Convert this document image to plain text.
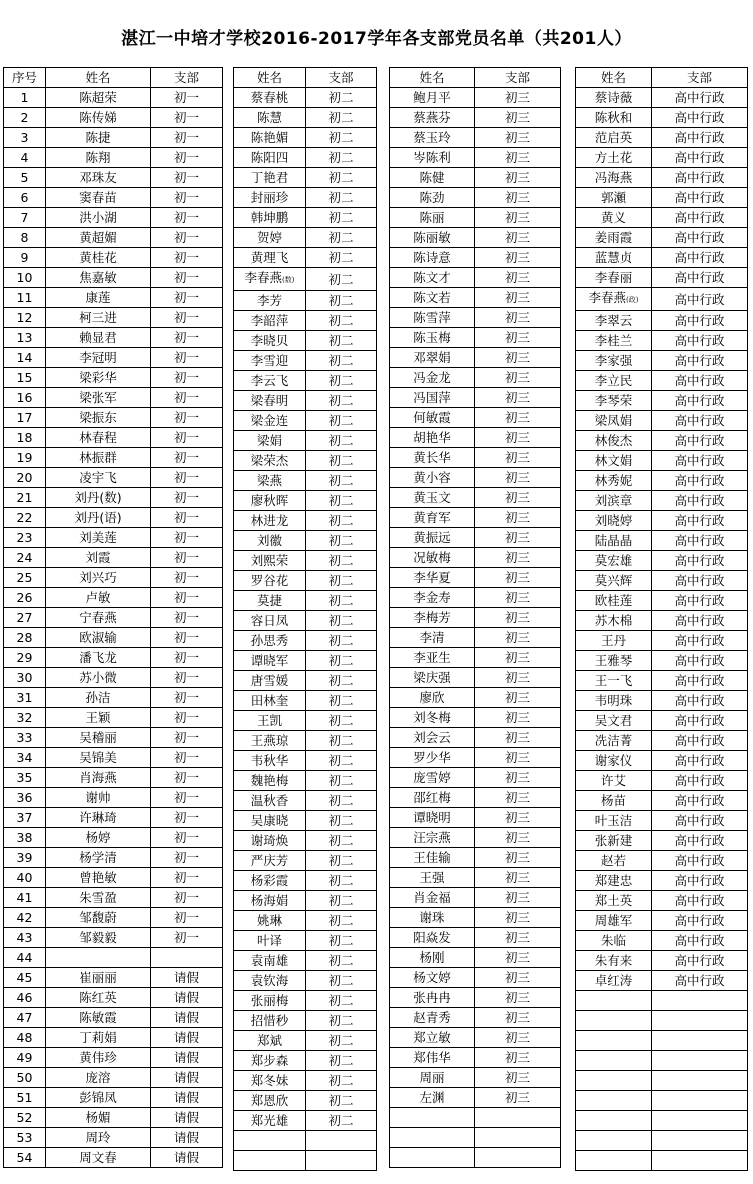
湛江一中培才学校2016-2017学年各支部党员名单（共201人）
序号	姓名	支部
1	陈超荣	初一
2	陈传娣	初一
3	陈捷	初一
4	陈翔	初一
5	邓珠友	初一
6	窦春苗	初一
7	洪小湖	初一
8	黄超媚	初一
9	黄桂花	初一
10	焦嘉敏	初一
11	康莲	初一
12	柯三进	初一
13	赖显君	初一
14	李冠明	初一
15	梁彩华	初一
16	梁张军	初一
17	梁振东	初一
18	林春程	初一
19	林振群	初一
20	凌宇飞	初一
21	刘丹(数)	初一
22	刘丹(语)	初一
23	刘美莲	初一
24	刘霞	初一
25	刘兴巧	初一
26	卢敏	初一
27	宁春燕	初一
28	欧淑输	初一
29	潘飞龙	初一
30	苏小微	初一
31	孙洁	初一
32	王颖	初一
33	吴稽丽	初一
34	吴锦美	初一
35	肖海燕	初一
36	谢帅	初一
37	许琳琦	初一
38	杨婷	初一
39	杨学清	初一
40	曾艳敏	初一
41	朱雪盈	初一
42	邹馥蔚	初一
43	邹毅毅	初一
44		
45	崔丽丽	请假
46	陈红英	请假
47	陈敏霞	请假
48	丁莉娟	请假
49	黄伟珍	请假
50	庞溶	请假
51	彭锦凤	请假
52	杨媚	请假
53	周玲	请假
54	周文春	请假
姓名	支部
蔡春桃	初二
陈慧	初二
陈艳媚	初二
陈阳四	初二
丁艳君	初二
封丽珍	初二
韩坤鹏	初二
贺婷	初二
黄理飞	初二
李春燕(数)	初二
李芳	初二
李韶萍	初二
李晓贝	初二
李雪迎	初二
李云飞	初二
梁春明	初二
梁金连	初二
梁娟	初二
梁荣杰	初二
梁燕	初二
廖秋晖	初二
林进龙	初二
刘徽	初二
刘熙荣	初二
罗谷花	初二
莫捷	初二
容日凤	初二
孙思秀	初二
谭晓军	初二
唐雪媛	初二
田林奎	初二
王凯	初二
王燕琼	初二
韦秋华	初二
魏艳梅	初二
温秋香	初二
吴康晓	初二
谢琦焕	初二
严庆芳	初二
杨彩霞	初二
杨海娟	初二
姚琳	初二
叶译	初二
袁南雄	初二
袁钦海	初二
张丽梅	初二
招惜秒	初二
郑斌	初二
郑步森	初二
郑冬妹	初二
郑恩欣	初二
郑光雄	初二

姓名	支部
鲍月平	初三
蔡燕芬	初三
蔡玉玲	初三
岑陈利	初三
陈健	初三
陈劲	初三
陈丽	初三
陈丽敏	初三
陈诗意	初三
陈文才	初三
陈文若	初三
陈雪萍	初三
陈玉梅	初三
邓翠娟	初三
冯金龙	初三
冯国萍	初三
何敏霞	初三
胡艳华	初三
黄长华	初三
黄小容	初三
黄玉文	初三
黄育军	初三
黄振远	初三
况敏梅	初三
李华夏	初三
李金寿	初三
李梅芳	初三
李清	初三
李亚生	初三
梁庆强	初三
廖欣	初三
刘冬梅	初三
刘会云	初三
罗少华	初三
庞雪婷	初三
邵红梅	初三
谭晓明	初三
汪宗燕	初三
王佳输	初三
王强	初三
肖金福	初三
谢珠	初三
阳焱发	初三
杨刚	初三
杨文婷	初三
张冉冉	初三
赵青秀	初三
郑立敏	初三
郑伟华	初三
周丽	初三
左渊	初三

姓名	支部
蔡诗薇	高中行政
陈秋和	高中行政
范启英	高中行政
方土花	高中行政
冯海燕	高中行政
郭瀬	高中行政
黄义	高中行政
姜雨霞	高中行政
蓝慧贞	高中行政
李春丽	高中行政
李春燕(政)	高中行政
李翠云	高中行政
李桂兰	高中行政
李家强	高中行政
李立民	高中行政
李琴荣	高中行政
梁凤娟	高中行政
林俊杰	高中行政
林文娟	高中行政
林秀妮	高中行政
刘滨章	高中行政
刘晓婷	高中行政
陆晶晶	高中行政
莫宏雄	高中行政
莫兴辉	高中行政
欧桂莲	高中行政
苏木棉	高中行政
王丹	高中行政
王雅琴	高中行政
王一飞	高中行政
韦明珠	高中行政
吴文君	高中行政
冼洁菁	高中行政
谢家仪	高中行政
许艾	高中行政
杨苗	高中行政
叶玉洁	高中行政
张新建	高中行政
赵若	高中行政
郑建忠	高中行政
郑土英	高中行政
周雄军	高中行政
朱临	高中行政
朱有来	高中行政
卓红涛	高中行政
